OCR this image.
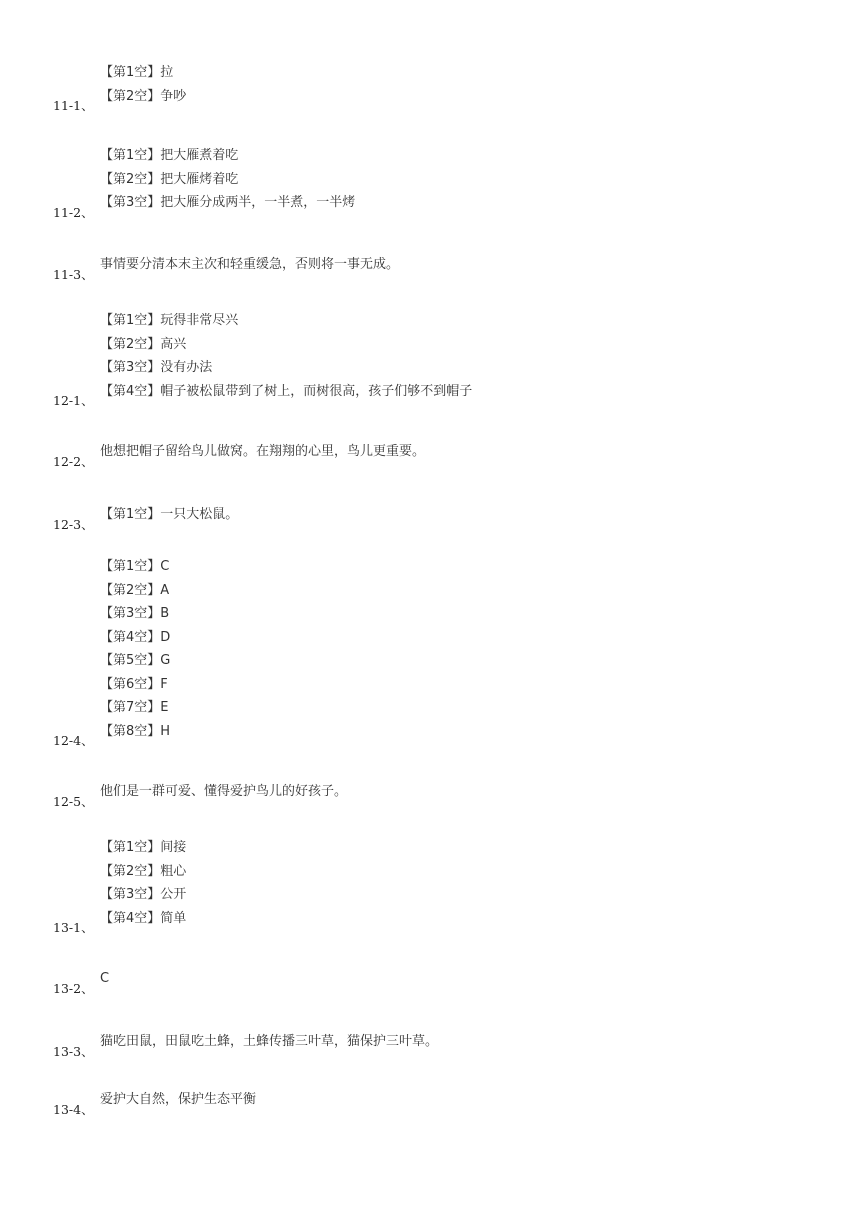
11-1、
【第1空】拉
【第2空】争吵
11-2、
【第1空】把大雁煮着吃
【第2空】把大雁烤着吃
【第3空】把大雁分成两半，一半煮，一半烤
11-3、
事情要分清本末主次和轻重缓急，否则将一事无成。
12-1、
【第1空】玩得非常尽兴
【第2空】高兴
【第3空】没有办法
【第4空】帽子被松鼠带到了树上，而树很高，孩子们够不到帽子
12-2、
他想把帽子留给鸟儿做窝。在翔翔的心里，鸟儿更重要。
12-3、
【第1空】一只大松鼠。
12-4、
【第1空】C
【第2空】A
【第3空】B
【第4空】D
【第5空】G
【第6空】F
【第7空】E
【第8空】H
12-5、
他们是一群可爱、懂得爱护鸟儿的好孩子。
13-1、
【第1空】间接
【第2空】粗心
【第3空】公开
【第4空】简单
13-2、
C
13-3、
猫吃田鼠，田鼠吃土蜂，土蜂传播三叶草，猫保护三叶草。
13-4、
爱护大自然，保护生态平衡
